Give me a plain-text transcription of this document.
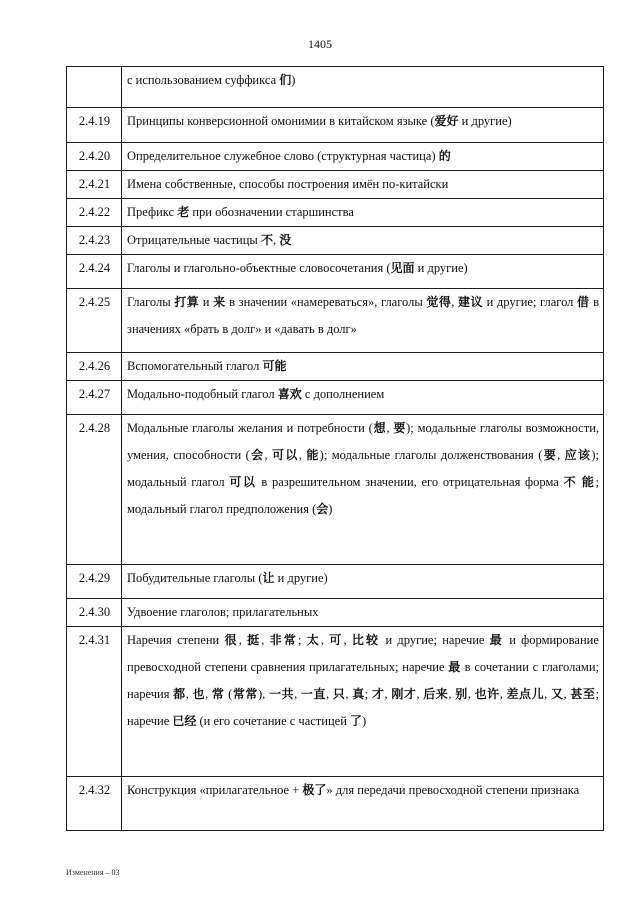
1405
	с использованием суффикса 们)
2.4.19	Принципы конверсионной омонимии в китайском языке (爱好 и другие)
2.4.20	Определительное служебное слово (структурная частица) 的
2.4.21	Имена собственные, способы построения имён по-китайски
2.4.22	Префикс 老 при обозначении старшинства
2.4.23	Отрицательные частицы 不, 没
2.4.24	Глаголы и глагольно-объектные словосочетания (见面 и другие)
2.4.25	Глаголы 打算 и 来 в значении «намереваться», глаголы 觉得, 建议 и другие; глагол 借 в значениях «брать в долг» и «давать в долг»
2.4.26	Вспомогательный глагол 可能
2.4.27	Модально-подобный глагол 喜欢 с дополнением
2.4.28	Модальные глаголы желания и потребности (想, 要); модальные глаголы возможности, умения, способности (会, 可以, 能); модальные глаголы долженствования (要, 应该); модальный глагол 可以 в разрешительном значении, его отрицательная форма 不 能; модальный глагол предположения (会)
2.4.29	Побудительные глаголы (让 и другие)
2.4.30	Удвоение глаголов; прилагательных
2.4.31	Наречия степени 很, 挺, 非常; 太, 可, 比较 и другие; наречие 最 и формирование превосходной степени сравнения прилагательных; наречие 最 в сочетании с глаголами; наречия 都, 也, 常 (常常), 一共, 一直, 只, 真; 才, 刚才, 后来, 别, 也许, 差点儿, 又, 甚至; наречие 已经 (и его сочетание с частицей 了)
2.4.32	Конструкция «прилагательное + 极了» для передачи превосходной степени признака
Изменения – 03
